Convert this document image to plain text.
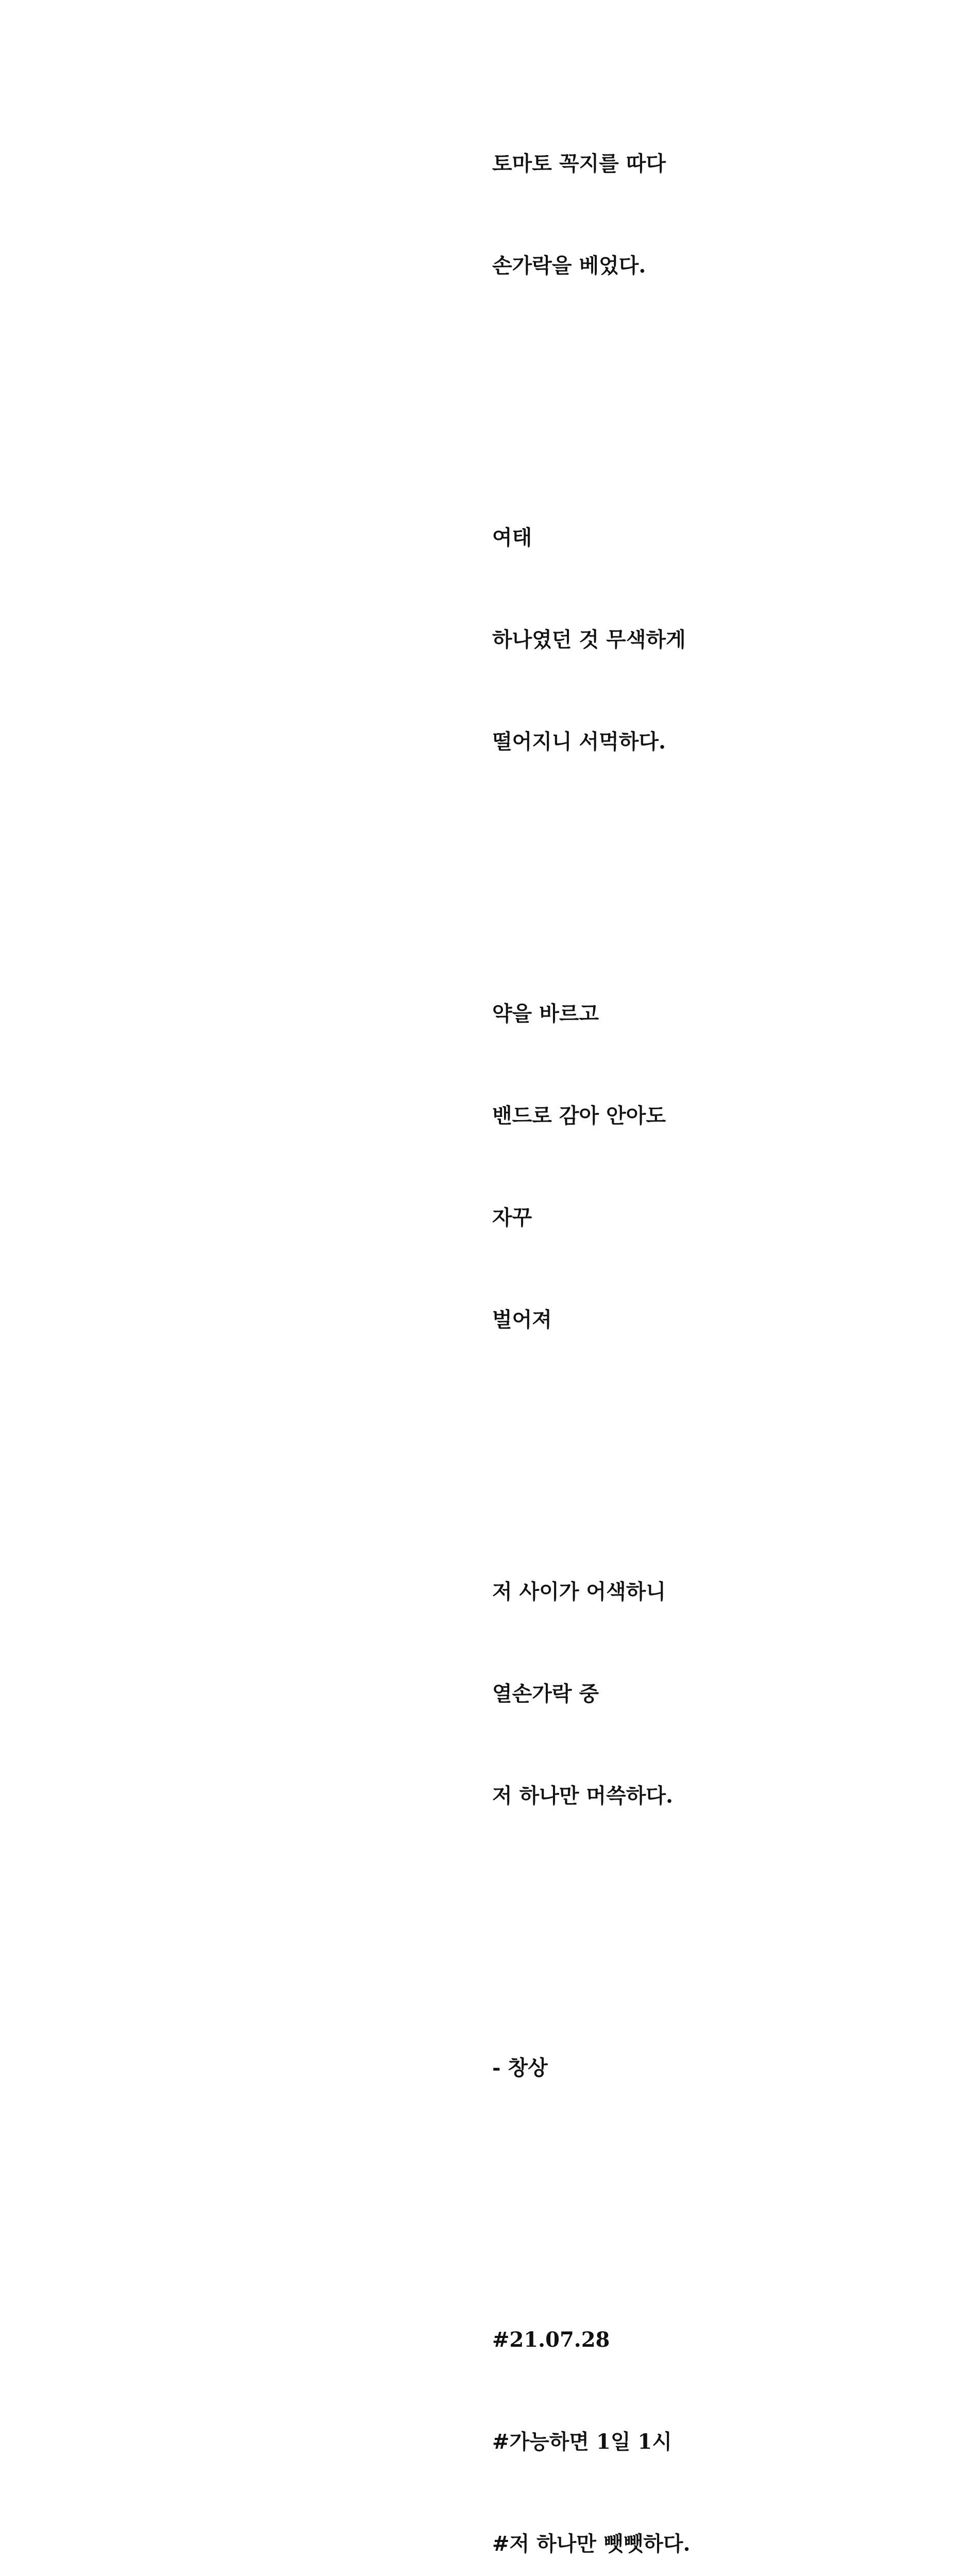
토마토 꼭지를 따다

손가락을 베었다.

여태

하나였던 것 무색하게

떨어지니 서먹하다.

약을 바르고

밴드로 감아 안아도

자꾸

벌어져

저 사이가 어색하니

열손가락 중

저 하나만 머쓱하다.

- 창상

#21.07.28

#가능하면 1일 1시

#저 하나만 뺏뺏하다.
